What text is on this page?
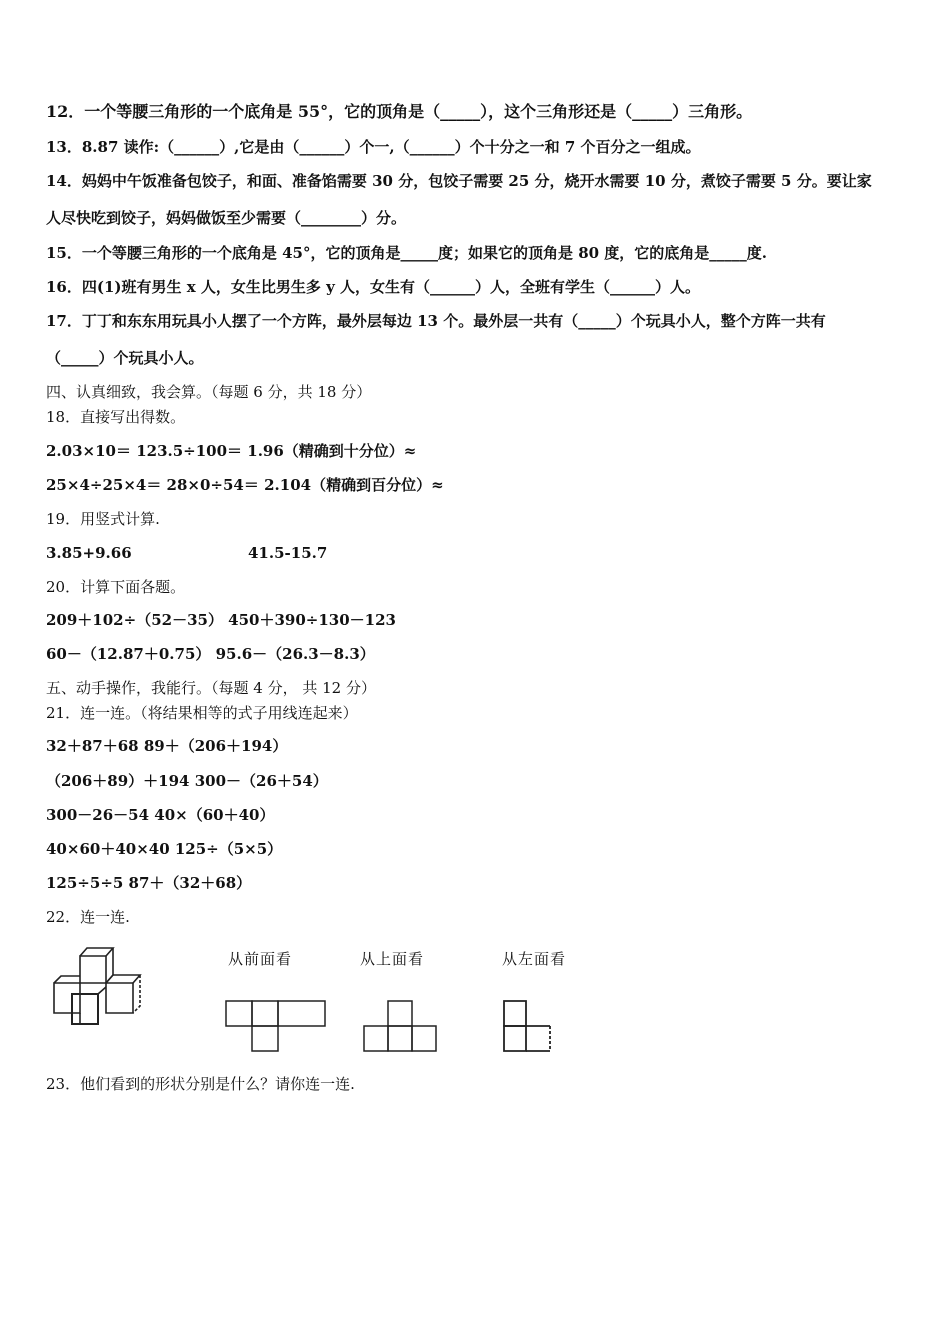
12．一个等腰三角形的一个底角是 55°，它的顶角是（_____），这个三角形还是（_____）三角形。
13．8.87 读作:（______）,它是由（______）个一,（______）个十分之一和 7 个百分之一组成。
14．妈妈中午饭准备包饺子，和面、准备馅需要 30 分，包饺子需要 25 分，烧开水需要 10 分，煮饺子需要 5 分。要让家
人尽快吃到饺子，妈妈做饭至少需要（________）分。
15．一个等腰三角形的一个底角是 45°，它的顶角是_____度；如果它的顶角是 80 度，它的底角是_____度.
16．四(1)班有男生 x 人，女生比男生多 y 人，女生有（______）人，全班有学生（______）人。
17．丁丁和东东用玩具小人摆了一个方阵，最外层每边 13 个。最外层一共有（_____）个玩具小人，整个方阵一共有
（_____）个玩具小人。
四、认真细致，我会算。（每题 6 分，共 18 分）
18．直接写出得数。
2.03×10＝ 123.5÷100＝ 1.96（精确到十分位）≈
25×4÷25×4＝ 28×0÷54＝ 2.104（精确到百分位）≈
19．用竖式计算.
3.85+9.66	41.5-15.7
20．计算下面各题。
209＋102÷（52－35） 450＋390÷130－123
60－（12.87＋0.75） 95.6－（26.3－8.3）
五、动手操作，我能行。（每题 4 分， 共 12 分）
21．连一连。（将结果相等的式子用线连起来）
32＋87＋68 89＋（206＋194）
（206＋89）＋194 300－（26＋54）
300－26－54 40×（60＋40）
40×60＋40×40 125÷（5×5）
125÷5÷5 87＋（32＋68）
22．连一连.
从前面看	从上面看	从左面看
23．他们看到的形状分别是什么？请你连一连.
